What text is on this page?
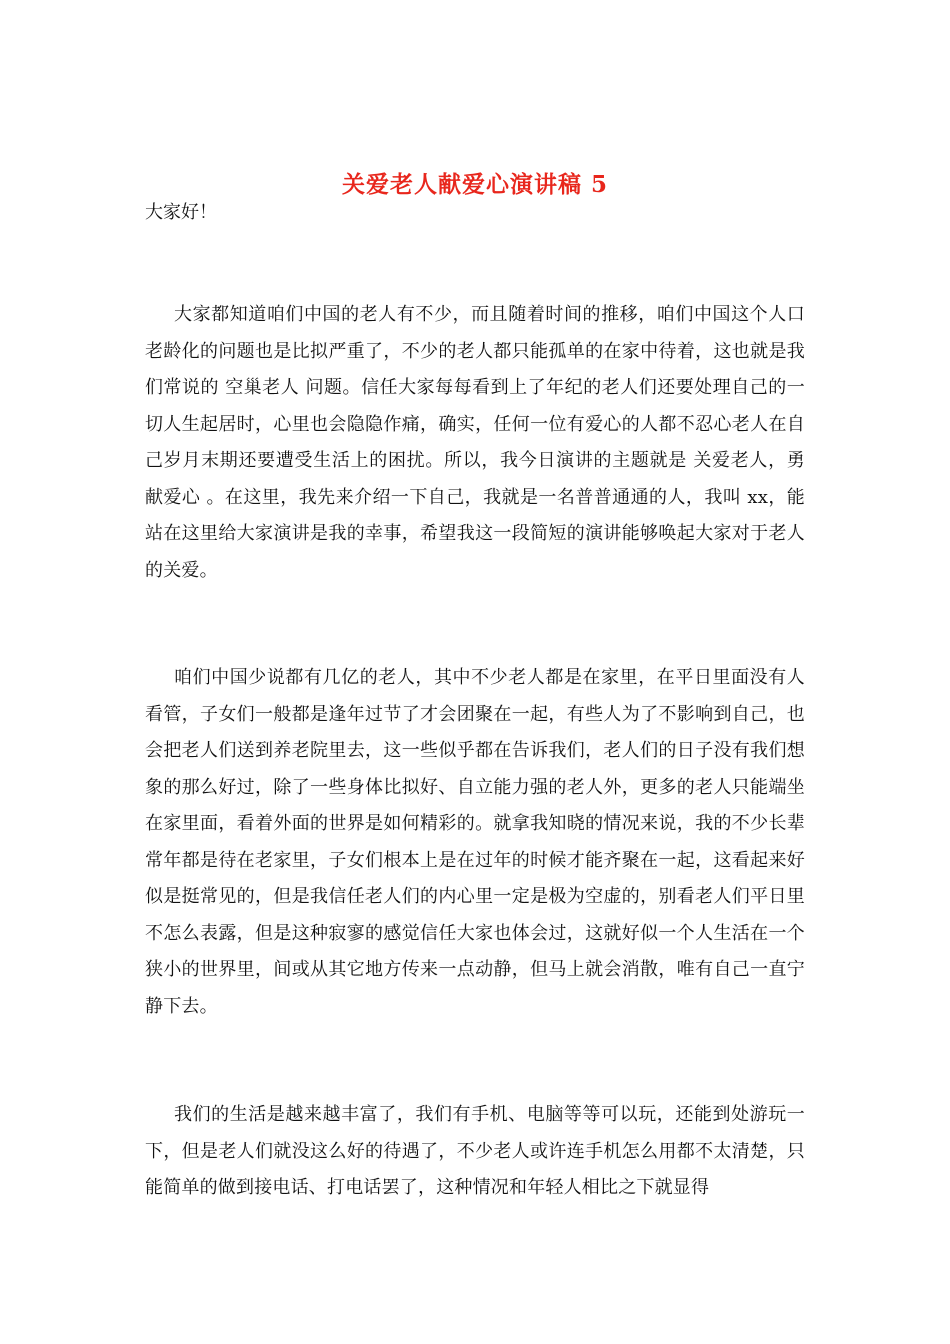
关爱老人献爱心演讲稿 5
大家好！

大家都知道咱们中国的老人有不少，而且随着时间的推移，咱们中国这个人口老龄化的问题也是比拟严重了，不少的老人都只能孤单的在家中待着，这也就是我们常说的 空巢老人 问题。信任大家每每看到上了年纪的老人们还要处理自己的一切人生起居时，心里也会隐隐作痛，确实，任何一位有爱心的人都不忍心老人在自己岁月末期还要遭受生活上的困扰。所以，我今日演讲的主题就是 关爱老人，勇献爱心 。在这里，我先来介绍一下自己，我就是一名普普通通的人，我叫 xx，能站在这里给大家演讲是我的幸事，希望我这一段简短的演讲能够唤起大家对于老人的关爱。

咱们中国少说都有几亿的老人，其中不少老人都是在家里，在平日里面没有人看管，子女们一般都是逢年过节了才会团聚在一起，有些人为了不影响到自己，也会把老人们送到养老院里去，这一些似乎都在告诉我们，老人们的日子没有我们想象的那么好过，除了一些身体比拟好、自立能力强的老人外，更多的老人只能端坐在家里面，看着外面的世界是如何精彩的。就拿我知晓的情况来说，我的不少长辈常年都是待在老家里，子女们根本上是在过年的时候才能齐聚在一起，这看起来好似是挺常见的，但是我信任老人们的内心里一定是极为空虚的，别看老人们平日里不怎么表露，但是这种寂寥的感觉信任大家也体会过，这就好似一个人生活在一个狭小的世界里，间或从其它地方传来一点动静，但马上就会消散，唯有自己一直宁静下去。

我们的生活是越来越丰富了，我们有手机、电脑等等可以玩，还能到处游玩一下，但是老人们就没这么好的待遇了，不少老人或许连手机怎么用都不太清楚，只能简单的做到接电话、打电话罢了，这种情况和年轻人相比之下就显得
